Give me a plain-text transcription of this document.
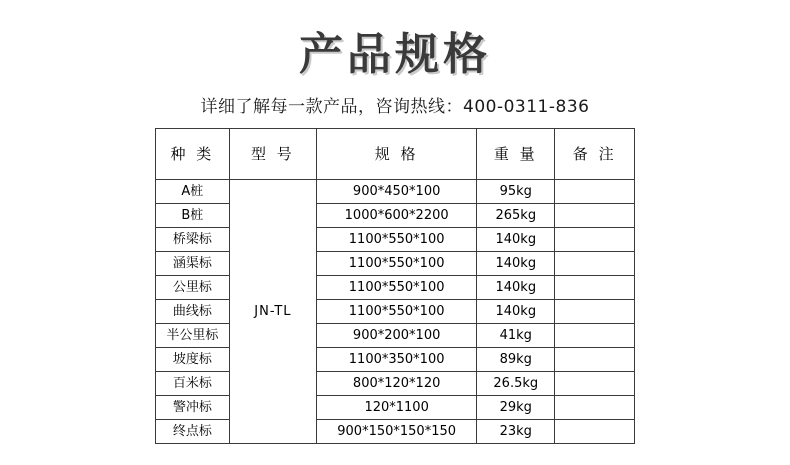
产品规格
详细了解每一款产品，咨询热线：400-0311-836
种 类	型 号	规 格	重 量	备 注
A桩	JN-TL	900*450*100	95kg	
B桩		1000*600*2200	265kg	
桥梁标		1100*550*100	140kg	
涵渠标		1100*550*100	140kg	
公里标		1100*550*100	140kg	
曲线标		1100*550*100	140kg	
半公里标		900*200*100	41kg	
坡度标		1100*350*100	89kg	
百米标		800*120*120	26.5kg	
警冲标		120*1100	29kg	
终点标		900*150*150*150	23kg	
